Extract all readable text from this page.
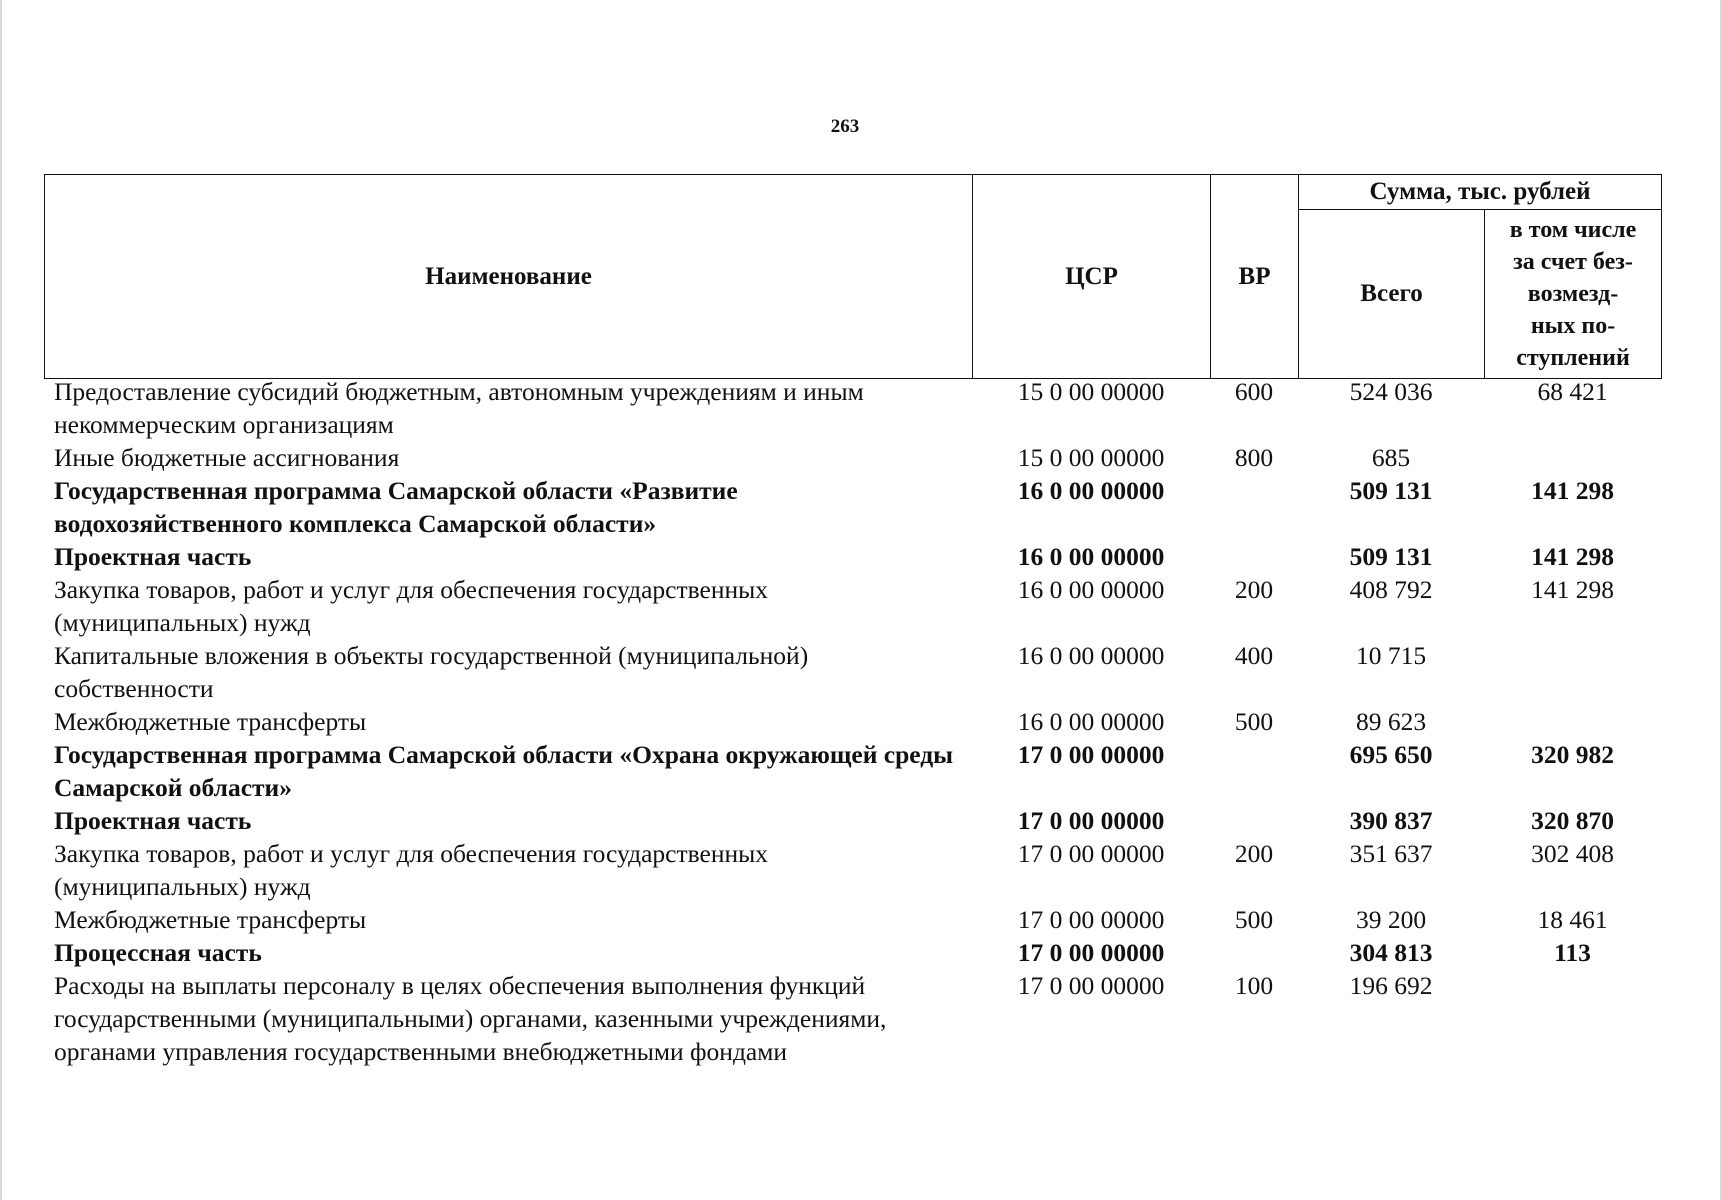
263
Наименование	ЦСР	ВР	Сумма, тыс. рублей	
			Всего	в том числе
за счет без-
возмезд-
ных по-
ступлений
Предоставление субсидий бюджетным, автономным учреждениям и иным некоммерческим организациям	15 0 00 00000	600	524 036	68 421
Иные бюджетные ассигнования	15 0 00 00000	800	685	
Государственная программа Самарской области «Развитие водохозяйственного комплекса Самарской области»	16 0 00 00000		509 131	141 298
Проектная часть	16 0 00 00000		509 131	141 298
Закупка товаров, работ и услуг для обеспечения государственных (муниципальных) нужд	16 0 00 00000	200	408 792	141 298
Капитальные вложения в объекты государственной (муниципальной) собственности	16 0 00 00000	400	10 715	
Межбюджетные трансферты	16 0 00 00000	500	89 623	
Государственная программа Самарской области «Охрана окружающей среды Самарской области»	17 0 00 00000		695 650	320 982
Проектная часть	17 0 00 00000		390 837	320 870
Закупка товаров, работ и услуг для обеспечения государственных (муниципальных) нужд	17 0 00 00000	200	351 637	302 408
Межбюджетные трансферты	17 0 00 00000	500	39 200	18 461
Процессная часть	17 0 00 00000		304 813	113
Расходы на выплаты персоналу в целях обеспечения выполнения функций государственными (муниципальными) органами, казенными учреждениями, органами управления государственными внебюджетными фондами	17 0 00 00000	100	196 692	
